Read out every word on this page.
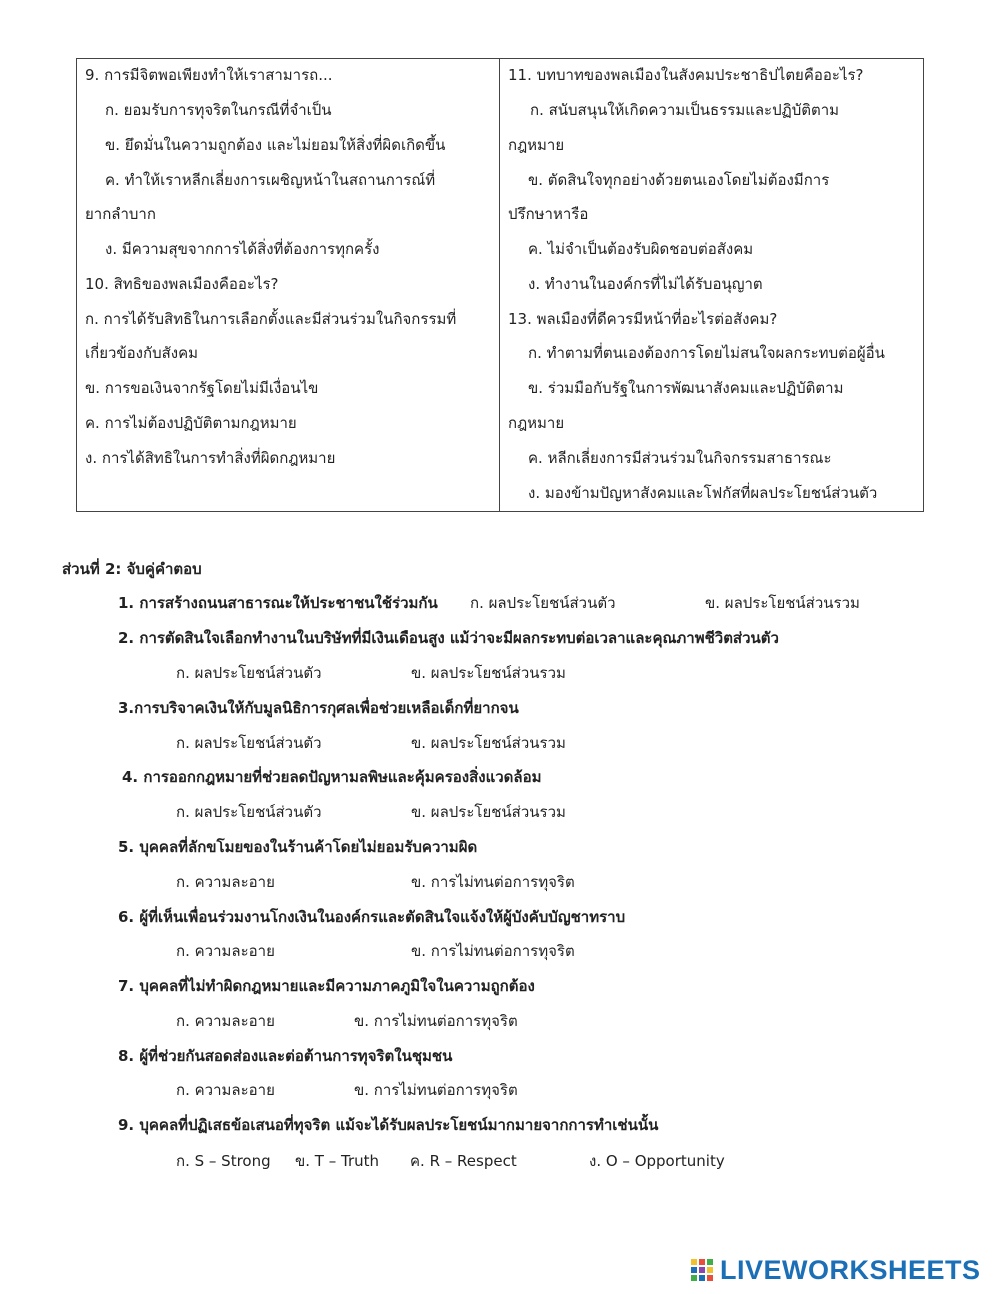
9. การมีจิตพอเพียงทำให้เราสามารถ...
ก. ยอมรับการทุจริตในกรณีที่จำเป็น
ข. ยึดมั่นในความถูกต้อง และไม่ยอมให้สิ่งที่ผิดเกิดขึ้น
ค. ทำให้เราหลีกเลี่ยงการเผชิญหน้าในสถานการณ์ที่
ยากลำบาก
ง. มีความสุขจากการได้สิ่งที่ต้องการทุกครั้ง
10. สิทธิของพลเมืองคืออะไร?
ก. การได้รับสิทธิในการเลือกตั้งและมีส่วนร่วมในกิจกรรมที่
เกี่ยวข้องกับสังคม
ข. การขอเงินจากรัฐโดยไม่มีเงื่อนไข
ค. การไม่ต้องปฏิบัติตามกฎหมาย
ง. การได้สิทธิในการทำสิ่งที่ผิดกฎหมาย
11. บทบาทของพลเมืองในสังคมประชาธิปไตยคืออะไร?
ก. สนับสนุนให้เกิดความเป็นธรรมและปฏิบัติตาม
กฎหมาย
ข. ตัดสินใจทุกอย่างด้วยตนเองโดยไม่ต้องมีการ
ปรึกษาหารือ
ค. ไม่จำเป็นต้องรับผิดชอบต่อสังคม
ง. ทำงานในองค์กรที่ไม่ได้รับอนุญาต
13. พลเมืองที่ดีควรมีหน้าที่อะไรต่อสังคม?
ก. ทำตามที่ตนเองต้องการโดยไม่สนใจผลกระทบต่อผู้อื่น
ข. ร่วมมือกับรัฐในการพัฒนาสังคมและปฏิบัติตาม
กฎหมาย
ค. หลีกเลี่ยงการมีส่วนร่วมในกิจกรรมสาธารณะ
ง. มองข้ามปัญหาสังคมและโฟกัสที่ผลประโยชน์ส่วนตัว
ส่วนที่ 2: จับคู่คำตอบ
1. การสร้างถนนสาธารณะให้ประชาชนใช้ร่วมกัน ก. ผลประโยชน์ส่วนตัว	ข. ผลประโยชน์ส่วนรวม
2. การตัดสินใจเลือกทำงานในบริษัทที่มีเงินเดือนสูง แม้ว่าจะมีผลกระทบต่อเวลาและคุณภาพชีวิตส่วนตัว
ก. ผลประโยชน์ส่วนตัว	ข. ผลประโยชน์ส่วนรวม
3.การบริจาคเงินให้กับมูลนิธิการกุศลเพื่อช่วยเหลือเด็กที่ยากจน
ก. ผลประโยชน์ส่วนตัว	ข. ผลประโยชน์ส่วนรวม
4. การออกกฎหมายที่ช่วยลดปัญหามลพิษและคุ้มครองสิ่งแวดล้อม
ก. ผลประโยชน์ส่วนตัว	ข. ผลประโยชน์ส่วนรวม
5. บุคคลที่ลักขโมยของในร้านค้าโดยไม่ยอมรับความผิด
ก. ความละอาย	ข. การไม่ทนต่อการทุจริต
6. ผู้ที่เห็นเพื่อนร่วมงานโกงเงินในองค์กรและตัดสินใจแจ้งให้ผู้บังคับบัญชาทราบ
ก. ความละอาย	ข. การไม่ทนต่อการทุจริต
7. บุคคลที่ไม่ทำผิดกฎหมายและมีความภาคภูมิใจในความถูกต้อง
ก. ความละอาย	ข. การไม่ทนต่อการทุจริต
8. ผู้ที่ช่วยกันสอดส่องและต่อต้านการทุจริตในชุมชน
ก. ความละอาย	ข. การไม่ทนต่อการทุจริต
9. บุคคลที่ปฏิเสธข้อเสนอที่ทุจริต แม้จะได้รับผลประโยชน์มากมายจากการทำเช่นนั้น
ก. S – Strong ข. T – Truth ค. R – Respect	ง. O – Opportunity
LIVEWORKSHEETS
